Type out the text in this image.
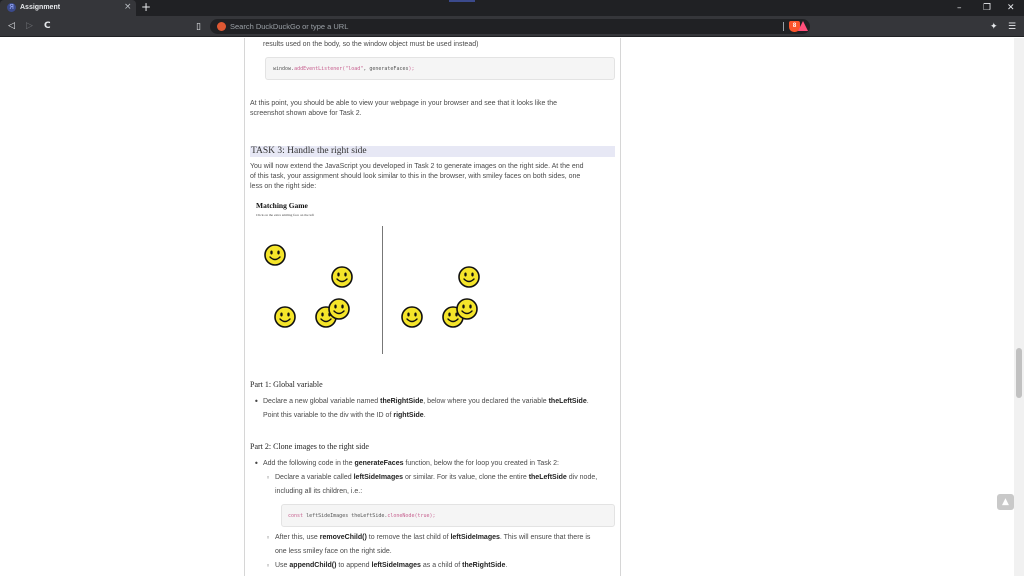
Я Assignment	× +	– ❐ ✕
◁ ▷ C	▯
Search DuckDuckGo or type a URL	8	✦ ☰
▲
results used on the body, so the window object must be used instead)
window.addEventListener("load", generateFaces);
At this point, you should be able to view your webpage in your browser and see that it looks like the
screenshot shown above for Task 2.
TASK 3: Handle the right side
You will now extend the JavaScript you developed in Task 2 to generate images on the right side. At the end
of this task, your assignment should look similar to this in the browser, with smiley faces on both sides, one
less on the right side:
Matching Game
Click on the extra smiling face on the left
Part 1: Global variable
• Declare a new global variable named theRightSide, below where you declared the variable theLeftSide.
Point this variable to the div with the ID of rightSide.
Part 2: Clone images to the right side
• Add the following code in the generateFaces function, below the for loop you created in Task 2:
◦ Declare a variable called leftSideImages or similar. For its value, clone the entire theLeftSide div node,
including all its children, i.e.:
const leftSideImages theLeftSide.cloneNode(true);
◦ After this, use removeChild() to remove the last child of leftSideImages. This will ensure that there is
one less smiley face on the right side.
◦ Use appendChild() to append leftSideImages as a child of theRightSide.
